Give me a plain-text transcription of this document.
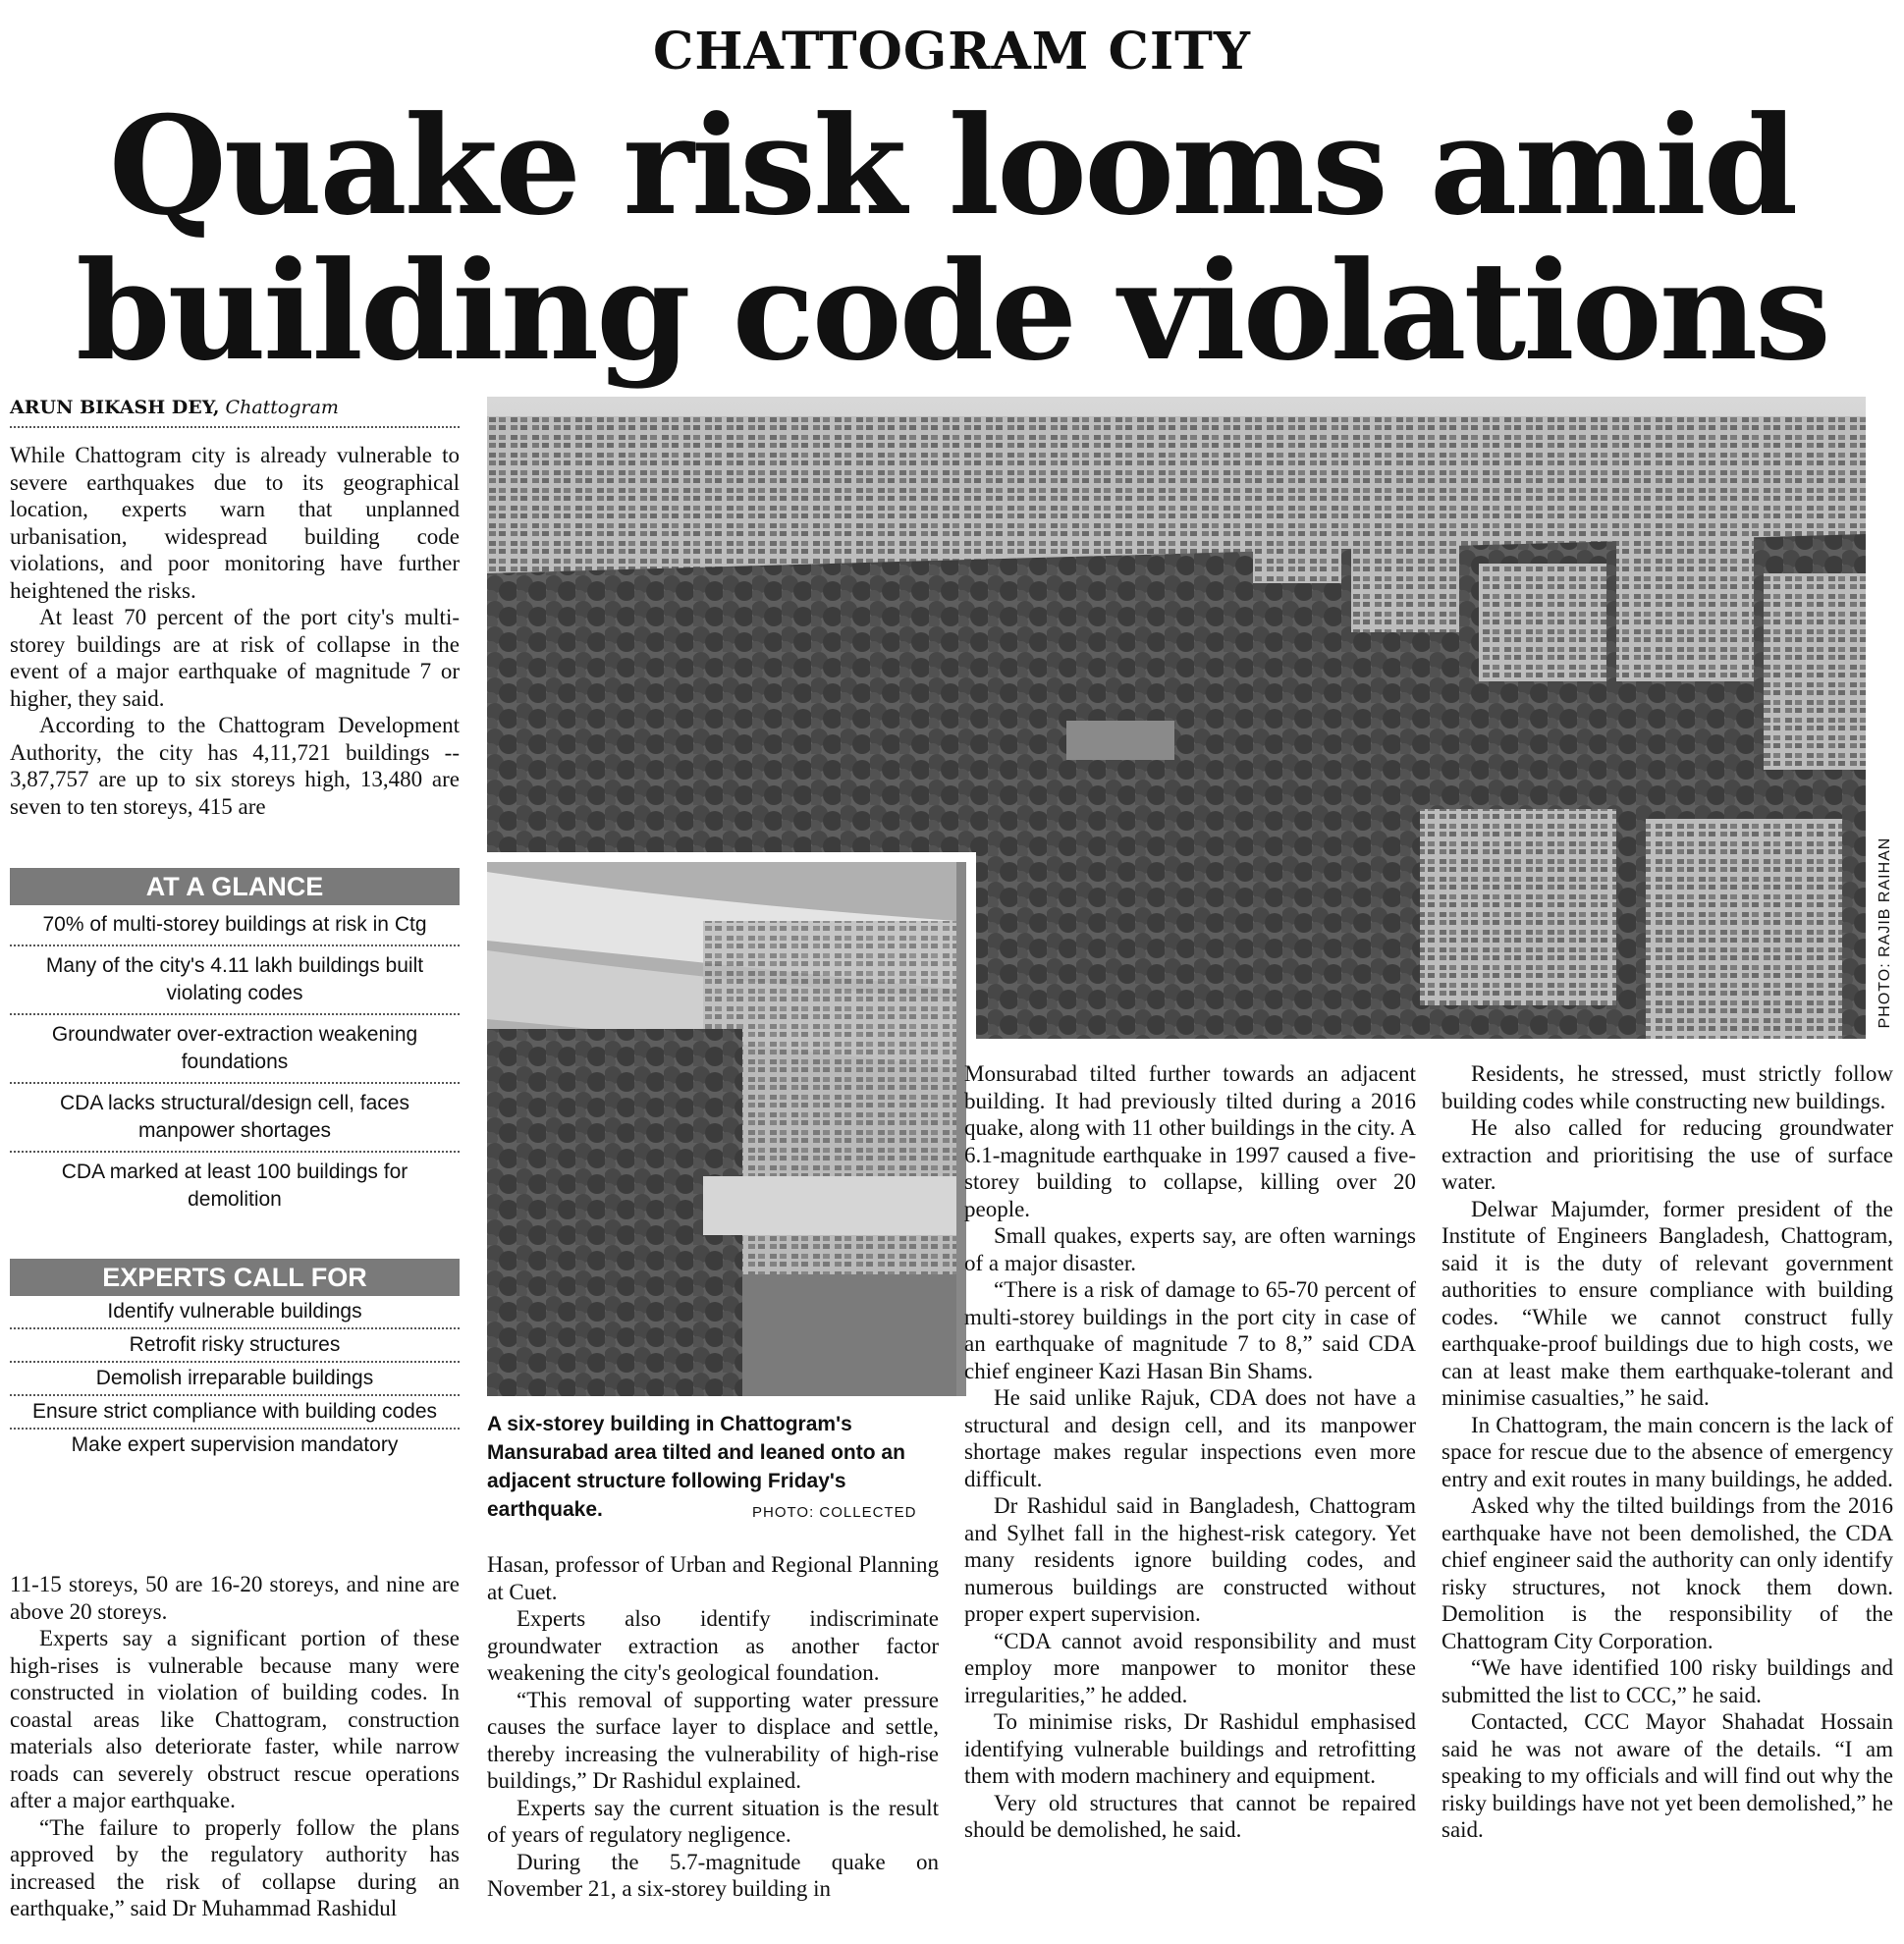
CHATTOGRAM CITY
Quake risk looms amid
building code violations
ARUN BIKASH DEY, Chattogram

While Chattogram city is already vulnerable to severe earthquakes due to its geographical location, experts warn that unplanned urbanisation, widespread building code violations, and poor monitoring have further heightened the risks.

At least 70 percent of the port city's multi-storey buildings are at risk of collapse in the event of a major earthquake of magnitude 7 or higher, they said.

According to the Chattogram Development Authority, the city has 4,11,721 buildings -- 3,87,757 are up to six storeys high, 13,480 are seven to ten storeys, 415 are

AT A GLANCE
70% of multi-storey buildings at risk in Ctg
Many of the city's 4.11 lakh buildings built violating codes
Groundwater over-extraction weakening foundations
CDA lacks structural/design cell, faces manpower shortages
CDA marked at least 100 buildings for demolition
EXPERTS CALL FOR
Identify vulnerable buildings
Retrofit risky structures
Demolish irreparable buildings
Ensure strict compliance with building codes
Make expert supervision mandatory

11-15 storeys, 50 are 16-20 storeys, and nine are above 20 storeys.

Experts say a significant portion of these high-rises is vulnerable because many were constructed in violation of building codes. In coastal areas like Chattogram, construction materials also deteriorate faster, while narrow roads can severely obstruct rescue operations after a major earthquake.

“The failure to properly follow the plans approved by the regulatory authority has increased the risk of collapse during an earthquake,” said Dr Muhammad Rashidul

PHOTO: RAJIB RAIHAN
A six-storey building in Chattogram's Mansurabad area tilted and leaned onto an adjacent structure following Friday's earthquake.	PHOTO: COLLECTED

Hasan, professor of Urban and Regional Planning at Cuet.

Experts also identify indiscriminate groundwater extraction as another factor weakening the city's geological foundation.

“This removal of supporting water pressure causes the surface layer to displace and settle, thereby increasing the vulnerability of high-rise buildings,” Dr Rashidul explained.

Experts say the current situation is the result of years of regulatory negligence.

During the 5.7-magnitude quake on November 21, a six-storey building in

Monsurabad tilted further towards an adjacent building. It had previously tilted during a 2016 quake, along with 11 other buildings in the city. A 6.1-magnitude earthquake in 1997 caused a five-storey building to collapse, killing over 20 people.

Small quakes, experts say, are often warnings of a major disaster.

“There is a risk of damage to 65-70 percent of multi-storey buildings in the port city in case of an earthquake of magnitude 7 to 8,” said CDA chief engineer Kazi Hasan Bin Shams.

He said unlike Rajuk, CDA does not have a structural and design cell, and its manpower shortage makes regular inspections even more difficult.

Dr Rashidul said in Bangladesh, Chattogram and Sylhet fall in the highest-risk category. Yet many residents ignore building codes, and numerous buildings are constructed without proper expert supervision.

“CDA cannot avoid responsibility and must employ more manpower to monitor these irregularities,” he added.

To minimise risks, Dr Rashidul emphasised identifying vulnerable buildings and retrofitting them with modern machinery and equipment.

Very old structures that cannot be repaired should be demolished, he said.

Residents, he stressed, must strictly follow building codes while constructing new buildings.

He also called for reducing groundwater extraction and prioritising the use of surface water.

Delwar Majumder, former president of the Institute of Engineers Bangladesh, Chattogram, said it is the duty of relevant government authorities to ensure compliance with building codes. “While we cannot construct fully earthquake-proof buildings due to high costs, we can at least make them earthquake-tolerant and minimise casualties,” he said.

In Chattogram, the main concern is the lack of space for rescue due to the absence of emergency entry and exit routes in many buildings, he added.

Asked why the tilted buildings from the 2016 earthquake have not been demolished, the CDA chief engineer said the authority can only identify risky structures, not knock them down. Demolition is the responsibility of the Chattogram City Corporation.

“We have identified 100 risky buildings and submitted the list to CCC,” he said.

Contacted, CCC Mayor Shahadat Hossain said he was not aware of the details. “I am speaking to my officials and will find out why the risky buildings have not yet been demolished,” he said.
